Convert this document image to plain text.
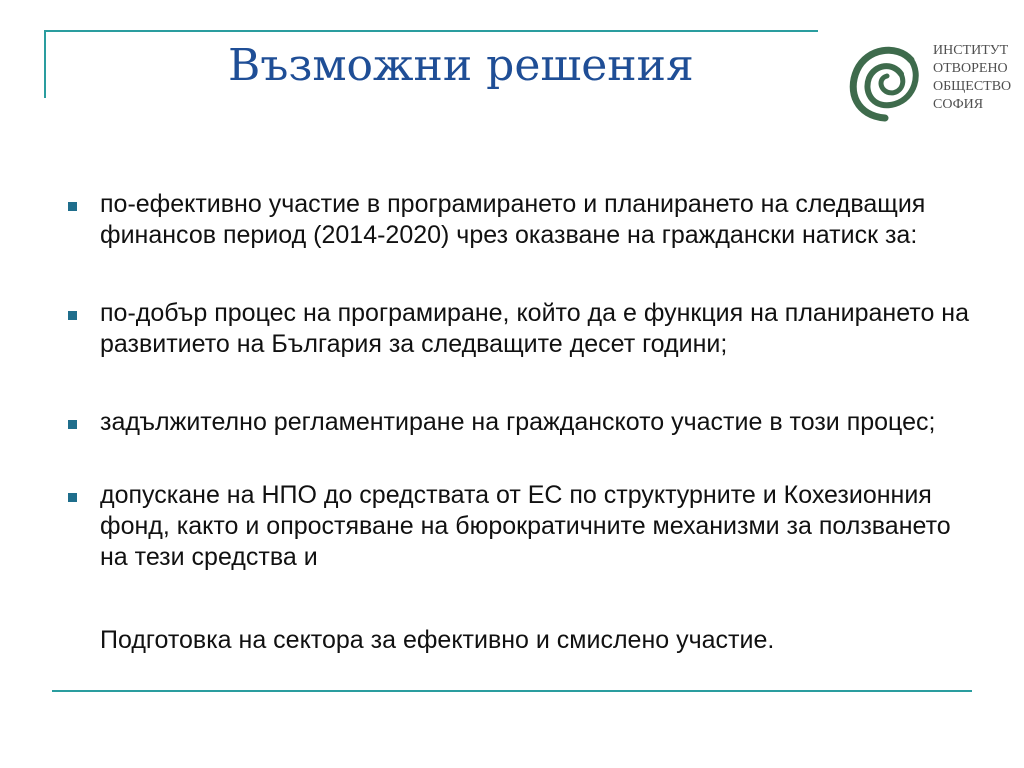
Възможни решения	ИНСТИТУТ
ОТВОРЕНО
ОБЩЕСТВО
СОФИЯ
по-ефективно участие в програмирането и планирането на следващия финансов период (2014-2020) чрез оказване на граждански натиск за:
по-добър процес на програмиране, който да е функция на планирането на развитието на България за следващите десет години;
задължително регламентиране на гражданското участие в този процес;
допускане на НПО до средствата от ЕС по структурните и Кохезионния фонд, както и опростяване на бюрократичните механизми за ползването на тези средства и
Подготовка на сектора за ефективно и смислено участие.
